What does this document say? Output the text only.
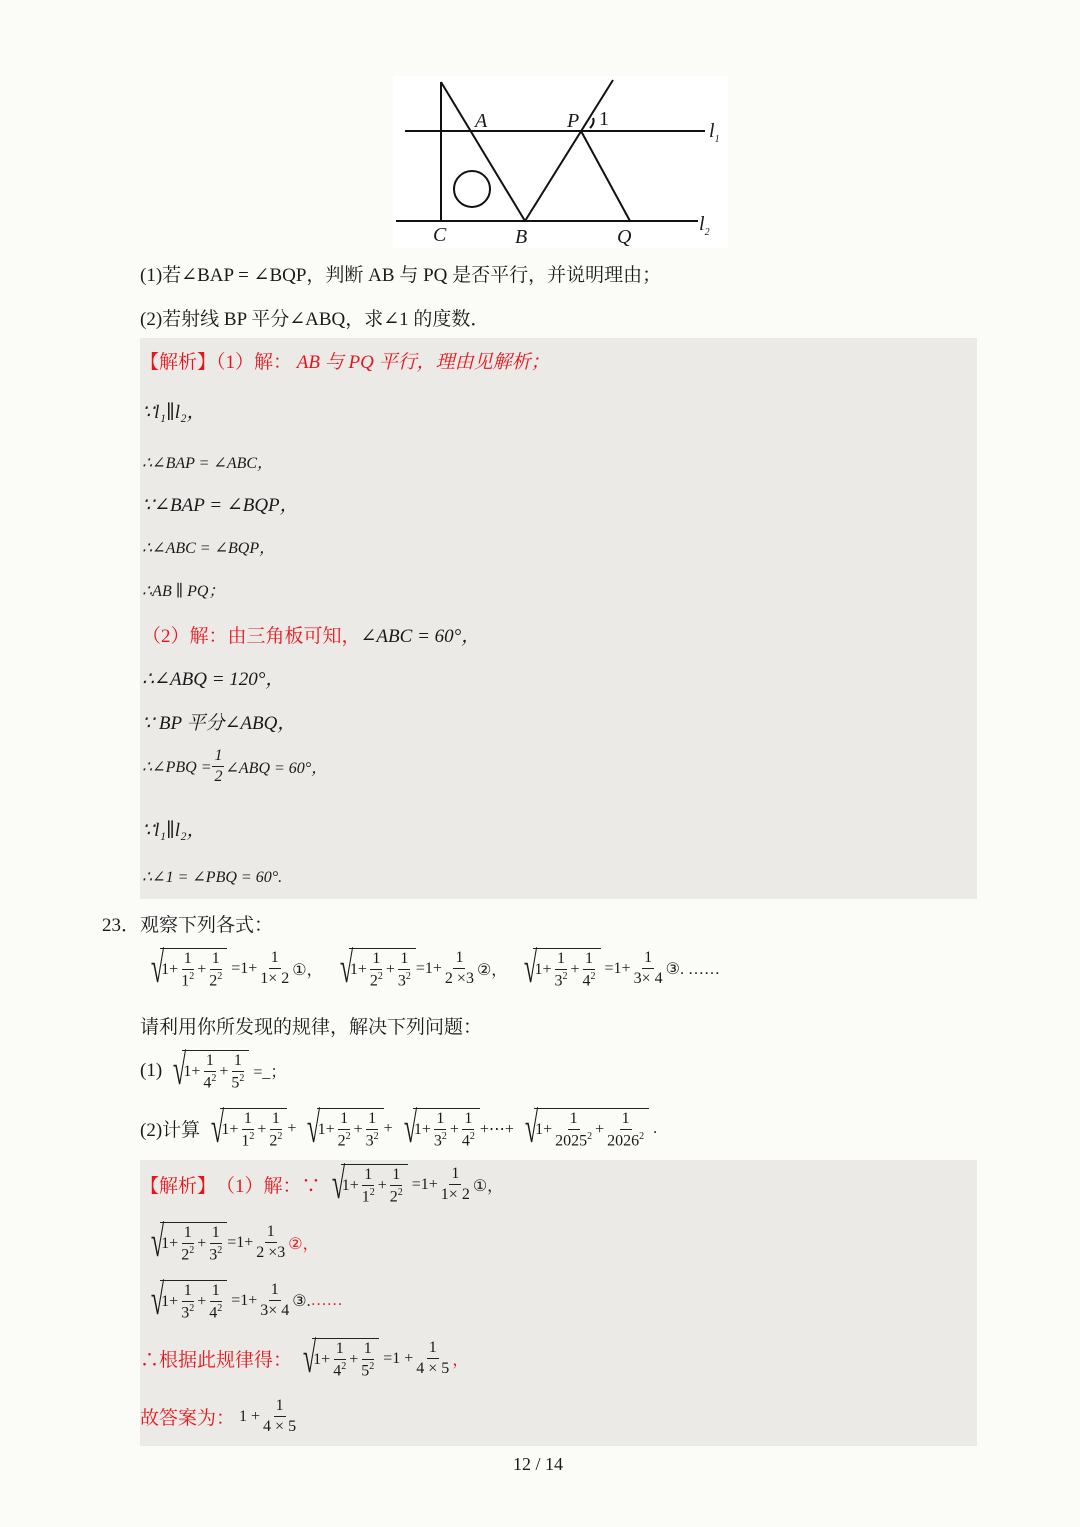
A	P 1
$l_1$
$l_2$
C	B	Q
(1)若∠BAP = ∠BQP，判断 AB 与 PQ 是否平行，并说明理由；
(2)若射线 BP 平分∠ABQ，求∠1 的度数．
【解析】（1）解： AB 与 PQ 平行，理由见解析；
∵l₁∥l₂，
∴∠BAP = ∠ABC，
∵∠BAP = ∠BQP，
∴∠ABC = ∠BQP，
∴AB ∥ PQ；
（2）解：由三角板可知，∠ABC = 60°，
∴∠ABQ = 120°，
∵ BP 平分∠ABQ，
∴∠PBQ = $\frac{1}{2}$ ∠ABQ = 60°，
∵l₁∥l₂，
∴∠1 = ∠PBQ = 60°.
23．观察下列各式：
√
$1+ \frac{1}{1^2} + \frac{1}{2^2} =1+ \frac{1}{1\times 2}$ ①， √
$1+ \frac{1}{2^2} + \frac{1}{3^2} =1+ \frac{1}{2 \times 3}$ ②， √
$1+ \frac{1}{3^2} + \frac{1}{4^2} =1+ \frac{1}{3\times 4}$ ③. ……
请利用你所发现的规律，解决下列问题：
(1) √
$1+ \frac{1}{4^2} + \frac{1}{5^2}$
=_；
(2)计算 √
$1+ \frac{1}{1^2} + \frac{1}{2^2}$ + √
$1+ \frac{1}{2^2} + \frac{1}{3^2}$ + √
$1+ \frac{1}{3^2} + \frac{1}{4^2}$ +⋯+ √
$1+ \frac{1}{2025^2} + \frac{1}{2026^2}$
.
【解析】 （1）解：∵ √
$1+ \frac{1}{1^2} + \frac{1}{2^2} =1+ \frac{1}{1\times 2}$ ①，
√
$1+ \frac{1}{2^2} + \frac{1}{3^2} =1+ \frac{1}{2 \times 3}$ ②，
√
$1+ \frac{1}{3^2} + \frac{1}{4^2} =1+ \frac{1}{3\times 4}$ ③. ……
∴根据此规律得： √
$1+ \frac{1}{4^2} + \frac{1}{5^2} =1 + \frac{1}{4 \times 5}$ ，
故答案为： $1 + \frac{1}{4 \times 5}$
12 / 14
